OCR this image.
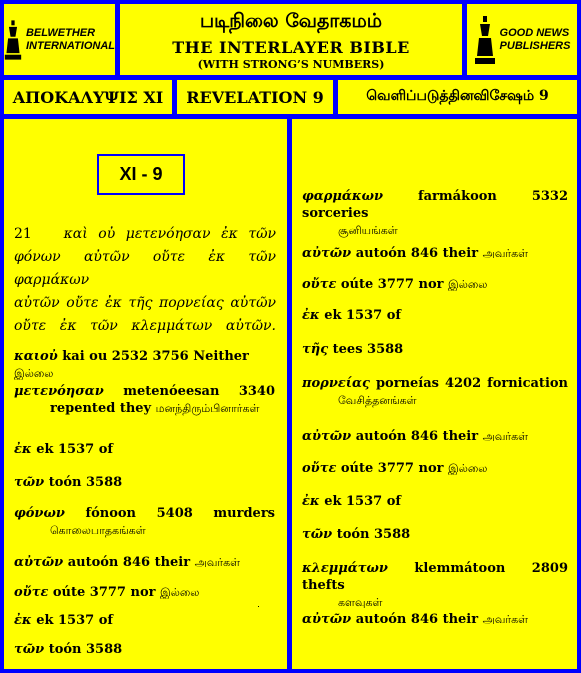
BELWETHER
INTERNATIONAL
படிநிலை வேதாகமம்
THE INTERLAYER BIBLE
(WITH STRONG’S NUMBERS)
GOOD NEWS
PUBLISHERS
ΑΠΟΚΑΛΥΨΙΣ XI	REVELATION 9	வெளிப்படுத்தினவிசேஷம் 9
XI - 9
21 καὶ οὐ μετενόησαν ἐκ τῶν
φόνων αὐτῶν οὔτε ἐκ τῶν φαρμάκων
αὐτῶν οὔτε ἐκ τῆς πορνείας αὐτῶν
οὔτε ἐκ τῶν κλεμμάτων αὐτῶν.
καιοὐ kai ou 2532 3756 Neither இல்லை
μετενόησαν metenóeesan 3340
repented they மனந்திரும்பினார்கள்
ἐκ ek 1537 of
τῶν toón 3588
φόνων fónoon 5408 murders
கொலைபாதகங்கள்
αὐτῶν autoón 846 their அவர்கள்
οὔτε oúte 3777 nor இல்லை
ἐκ ek 1537 of
τῶν toón 3588
φαρμάκων	farmákoon 5332 sorceries
சூனியங்கள்
αὐτῶν autoón 846 their அவர்கள்
οὔτε oúte 3777 nor இல்லை
ἐκ ek 1537 of
τῆς tees 3588
πορνείας porneías 4202 fornication
வேசித்தனங்கள்
αὐτῶν autoón 846 their அவர்கள்
οὔτε oúte 3777 nor இல்லை
ἐκ ek 1537 of
τῶν toón 3588
κλεμμάτων klemmátoon 2809 thefts
களவுகள்
αὐτῶν autoón 846 their அவர்கள்
